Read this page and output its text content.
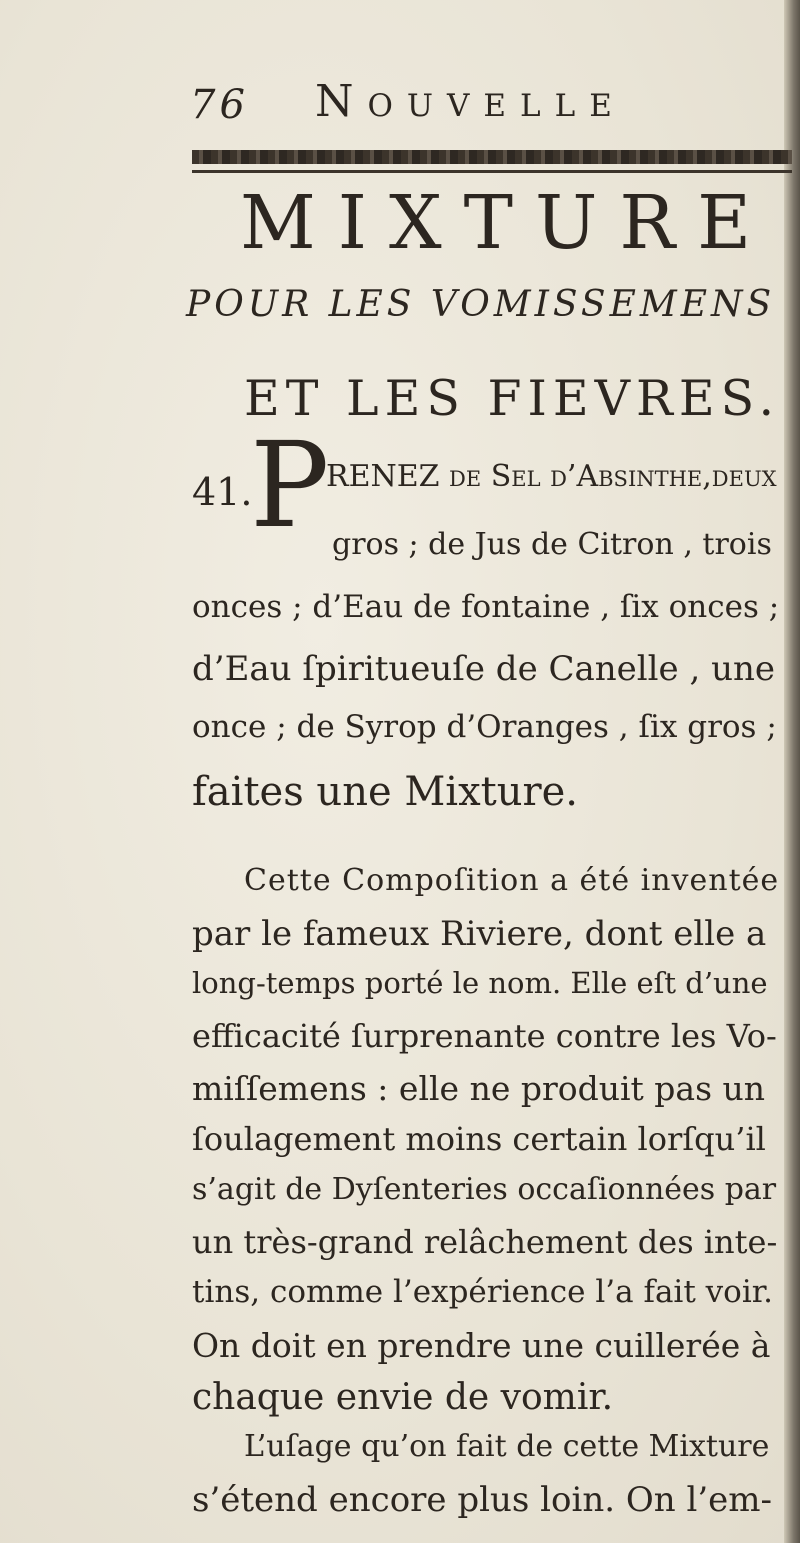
76 Nouvelle
MIXTURE
POUR LES VOMISSEMENS
ET LES FIEVRES.
41.
P
RENEZ de Sel d’Abſinthe,deux
gros ; de Jus de Citron , trois
onces ; d’Eau de fontaine , ſix onces ;
d’Eau ſpiritueuſe de Canelle , une
once ; de Syrop d’Oranges , ſix gros ;
faites une Mixture.
Cette Compoſition a été inventée
par le fameux Riviere, dont elle a
long-temps porté le nom. Elle eſt d’une
efficacité ſurprenante contre les Vo-
miſſemens : elle ne produit pas un
ſoulagement moins certain lorſqu’il
s’agit de Dyſenteries occaſionnées par
un très-grand relâchement des inte-
tins, comme l’expérience l’a fait voir.
On doit en prendre une cuillerée à
chaque envie de vomir.
L’uſage qu’on fait de cette Mixture
s’étend encore plus loin. On l’em-
